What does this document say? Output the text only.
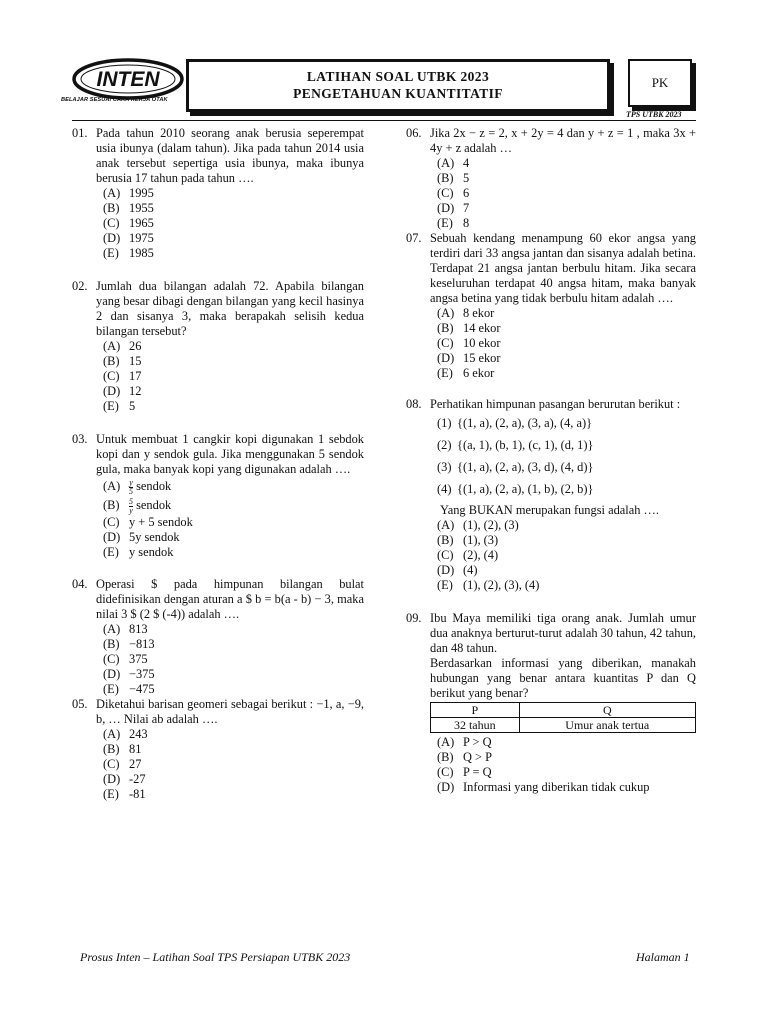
INTEN
BELAJAR SESUAI CARA KERJA OTAK
LATIHAN SOAL UTBK 2023
PENGETAHUAN KUANTITATIF
PK
TPS UTBK 2023
01. Pada tahun 2010 seorang anak berusia seperempat usia ibunya (dalam tahun). Jika pada tahun 2014 usia anak tersebut sepertiga usia ibunya, maka ibunya berusia 17 tahun pada tahun ….
(A) 1995
(B) 1955
(C) 1965
(D) 1975
(E) 1985
02. Jumlah dua bilangan adalah 72. Apabila bilangan yang besar dibagi dengan bilangan yang kecil hasinya 2 dan sisanya 3, maka berapakah selisih kedua bilangan tersebut?
(A) 26
(B) 15
(C) 17
(D) 12
(E) 5
03. Untuk membuat 1 cangkir kopi digunakan 1 sebdok kopi dan y sendok gula. Jika menggunakan 5 sendok gula, maka banyak kopi yang digunakan adalah ….
$(A) \frac{y}{5}$ sendok
$(B) \frac{5}{y}$ sendok
(C) y + 5 sendok
(D) 5y sendok
(E) y sendok
04. Operasi $ pada himpunan bilangan bulat didefinisikan dengan aturan a $ b = b(a - b) − 3, maka nilai 3 $ (2 $ (-4)) adalah ….
(A) 813
(B) −813
(C) 375
(D) −375
(E) −475
05. Diketahui barisan geomeri sebagai berikut : −1, a, −9, b, … Nilai ab adalah ….
(A) 243
(B) 81
(C) 27
(D) -27
(E) -81
06. Jika 2x − z = 2, x + 2y = 4 dan y + z = 1 , maka 3x + 4y + z adalah …
(A) 4
(B) 5
(C) 6
(D) 7
(E) 8
07. Sebuah kendang menampung 60 ekor angsa yang terdiri dari 33 angsa jantan dan sisanya adalah betina. Terdapat 21 angsa jantan berbulu hitam. Jika secara keseluruhan terdapat 40 angsa hitam, maka banyak angsa betina yang tidak berbulu hitam adalah ….
(A) 8 ekor
(B) 14 ekor
(C) 10 ekor
(D) 15 ekor
(E) 6 ekor
08. Perhatikan himpunan pasangan berurutan berikut :
(1) {(1, a), (2, a), (3, a), (4, a)}
(2) {(a, 1), (b, 1), (c, 1), (d, 1)}
(3) {(1, a), (2, a), (3, d), (4, d)}
(4) {(1, a), (2, a), (1, b), (2, b)}
Yang BUKAN merupakan fungsi adalah ….
(A) (1), (2), (3)
(B) (1), (3)
(C) (2), (4)
(D) (4)
(E) (1), (2), (3), (4)
09. Ibu Maya memiliki tiga orang anak. Jumlah umur dua anaknya berturut-turut adalah 30 tahun, 42 tahun, dan 48 tahun.
Berdasarkan informasi yang diberikan, manakah hubungan yang benar antara kuantitas P dan Q berikut yang benar?
P	Q
32 tahun	Umur anak tertua
(A) P > Q
(B) Q > P
(C) P = Q
(D) Informasi yang diberikan tidak cukup
Prosus Inten – Latihan Soal TPS Persiapan UTBK 2023	Halaman 1
